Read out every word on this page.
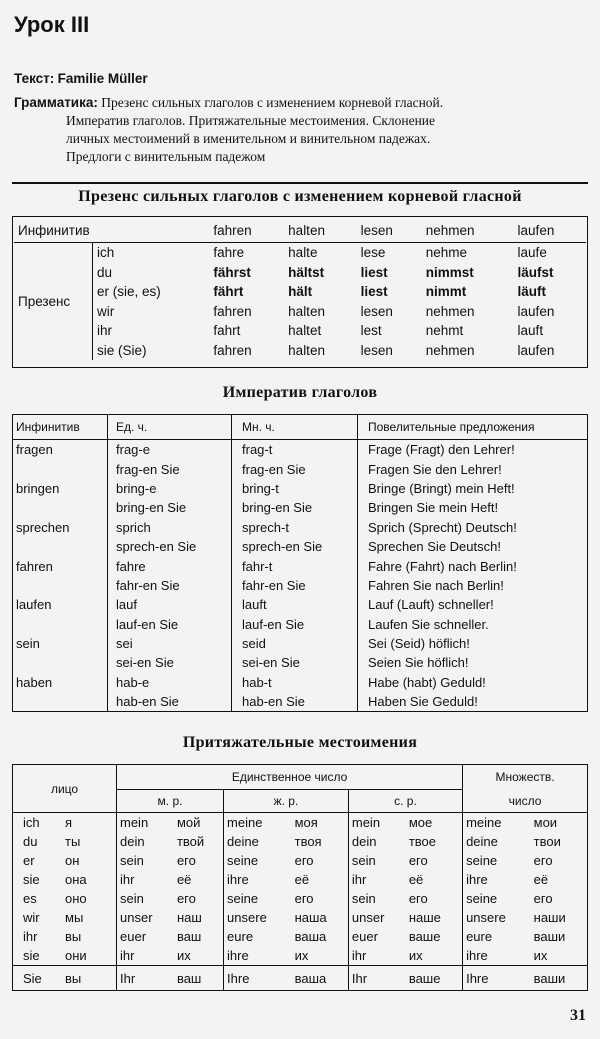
Урок III
Текст: Familie Müller
Грамматика: Презенс сильных глаголов с изменением корневой гласной.
Императив глаголов. Притяжательные местоимения. Склонение
личных местоимений в именительном и винительном падежах.
Предлоги с винительным падежом
Презенс сильных глаголов с изменением корневой гласной
Инфинитив		fahren	halten	lesen	nehmen	laufen
Презенс	ich	fahre	halte	lese	nehme	laufe
	du	fährst	hältst	liest	nimmst	läufst
	er (sie, es)	fährt	hält	liest	nimmt	läuft
	wir	fahren	halten	lesen	nehmen	laufen
	ihr	fahrt	haltet	lest	nehmt	lauft
	sie (Sie)	fahren	halten	lesen	nehmen	laufen
Императив глаголов
Инфинитив	Ед. ч.	Мн. ч.	Повелительные предложения
fragen	frag-e	frag-t	Frage (Fragt) den Lehrer!
	frag-en Sie	frag-en Sie	Fragen Sie den Lehrer!
bringen	bring-e	bring-t	Bringe (Bringt) mein Heft!
	bring-en Sie	bring-en Sie	Bringen Sie mein Heft!
sprechen	sprich	sprech-t	Sprich (Sprecht) Deutsch!
	sprech-en Sie	sprech-en Sie	Sprechen Sie Deutsch!
fahren	fahre	fahr-t	Fahre (Fahrt) nach Berlin!
	fahr-en Sie	fahr-en Sie	Fahren Sie nach Berlin!
laufen	lauf	lauft	Lauf (Lauft) schneller!
	lauf-en Sie	lauf-en Sie	Laufen Sie schneller.
sein	sei	seid	Sei (Seid) höflich!
	sei-en Sie	sei-en Sie	Seien Sie höflich!
haben	hab-e	hab-t	Habe (habt) Geduld!
	hab-en Sie	hab-en Sie	Haben Sie Geduld!
Притяжательные местоимения
лицо		Единственное число						Множеств.	
		м. р.		ж. р.		с. р.		число	
ich	я	mein	мой	meine	моя	mein	мое	meine	мои
du	ты	dein	твой	deine	твоя	dein	твое	deine	твои
er	он	sein	его	seine	его	sein	его	seine	его
sie	она	ihr	её	ihre	её	ihr	её	ihre	её
es	оно	sein	его	seine	его	sein	его	seine	его
wir	мы	unser	наш	unsere	наша	unser	наше	unsere	наши
ihr	вы	euer	ваш	eure	ваша	euer	ваше	eure	ваши
sie	они	ihr	их	ihre	их	ihr	их	ihre	их
Sie	вы	Ihr	ваш	Ihre	ваша	Ihr	ваше	Ihre	ваши
31
